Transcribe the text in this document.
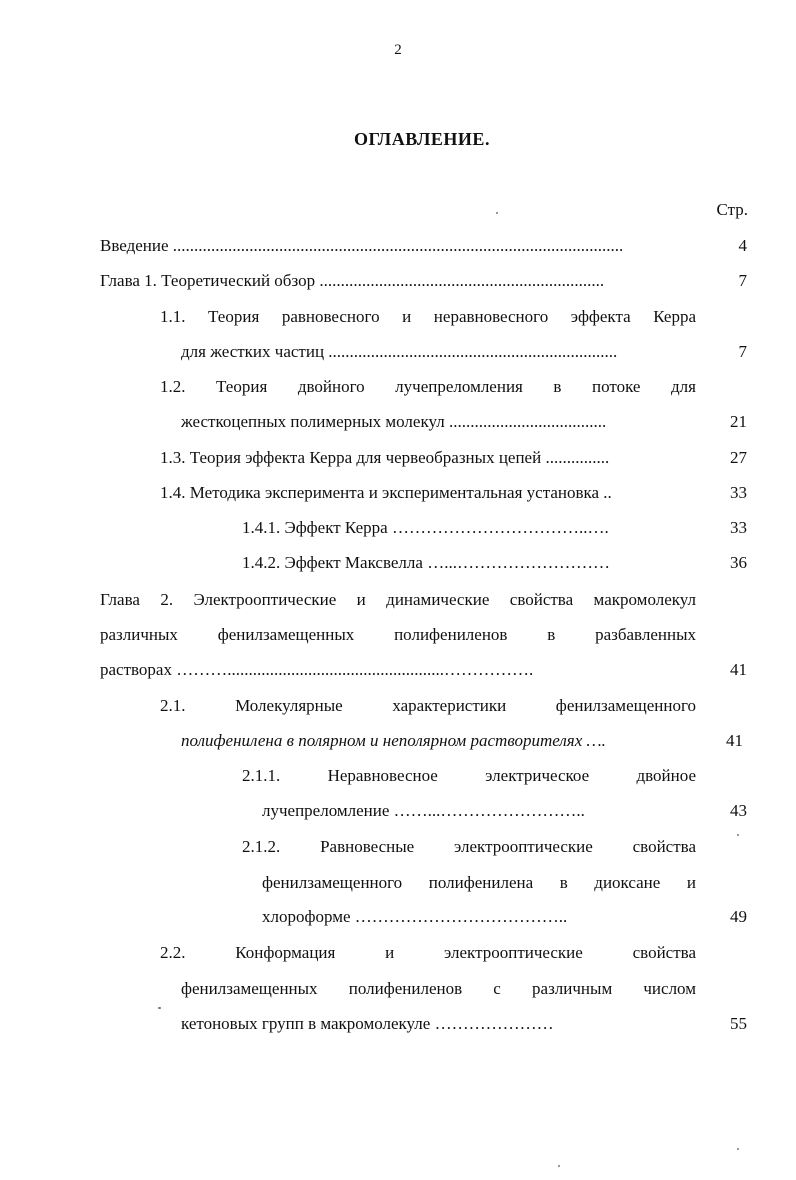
2
ОГЛАВЛЕНИЕ.
Стр.
Введение ..........................................................................................................	4
Глава 1. Теоретический обзор ...................................................................	7
1.1. Теория равновесного и неравновесного эффекта Керра
для жестких частиц ....................................................................	7
1.2. Теория двойного лучепреломления в потоке для
жесткоцепных полимерных молекул .....................................	21
1.3. Теория эффекта Керра для червеобразных цепей ...............	27
1.4. Методика эксперимента и экспериментальная установка ..	33
1.4.1. Эффект Керра ……………………………..….	33
1.4.2. Эффект Максвелла …...………………………	36
Глава 2. Электрооптические и динамические свойства макромолекул
различных фенилзамещенных полифениленов в разбавленных
растворах ………...................................................…………….	41
2.1. Молекулярные характеристики фенилзамещенного
полифенилена в полярном и неполярном растворителях ….	41
2.1.1. Неравновесное электрическое двойное
лучепреломление ……...……………………..	43
2.1.2. Равновесные электрооптические свойства
фенилзамещенного полифенилена в диоксане и
хлороформе ………………………………..	49
2.2. Конформация и электрооптические свойства
фенилзамещенных полифениленов с различным числом
кетоновых групп в макромолекуле …………………	55
